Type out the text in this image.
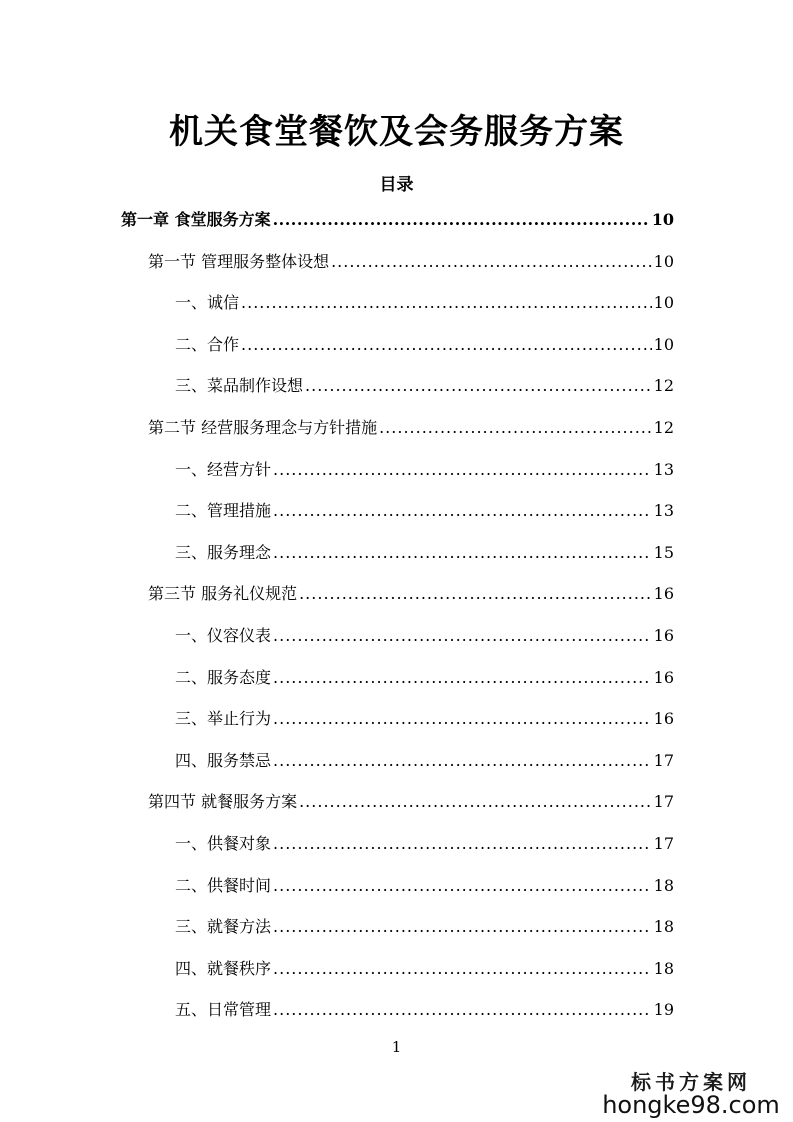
机关食堂餐饮及会务服务方案
目录
第一章 食堂服务方案 .....	10
第一节 管理服务整体设想 .....	10
一、诚信 .....	10
二、合作 .....	10
三、菜品制作设想 .....	12
第二节 经营服务理念与方针措施 .....	12
一、经营方针 .....	13
二、管理措施 .....	13
三、服务理念 .....	15
第三节 服务礼仪规范 .....	16
一、仪容仪表 .....	16
二、服务态度 .....	16
三、举止行为 .....	16
四、服务禁忌 .....	17
第四节 就餐服务方案 .....	17
一、供餐对象 .....	17
二、供餐时间 .....	18
三、就餐方法 .....	18
四、就餐秩序 .....	18
五、日常管理 .....	19
1
标书方案网
hongke98.com
